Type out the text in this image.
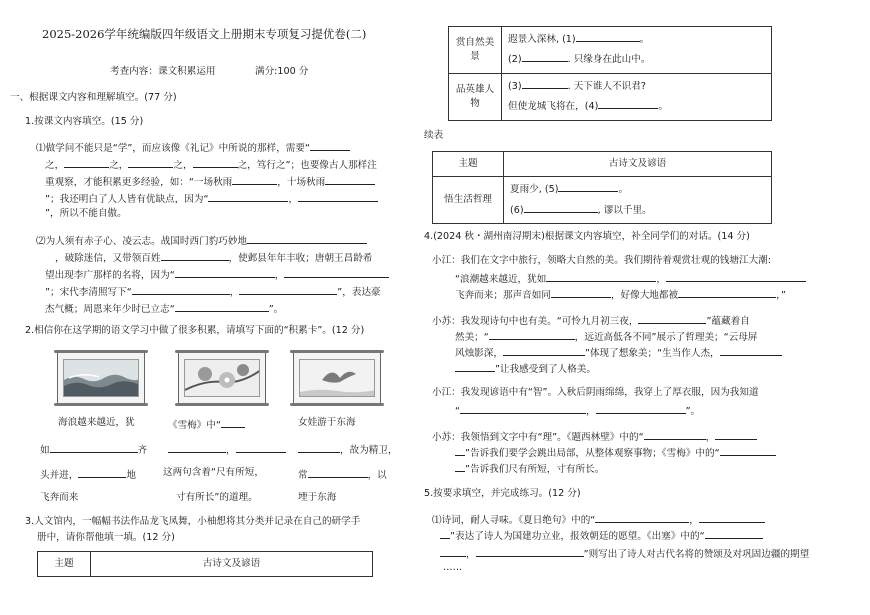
2025-2026学年统编版四年级语文上册期末专项复习提优卷(二)
考查内容：课文积累运用	满分:100 分
一、根据课文内容和理解填空。(77 分)
1.按课文内容填空。(15 分)
⑴做学问不能只是“学”，而应该像《礼记》中所说的那样，需要“
之，	之，	之，	之，笃行之”；也要像古人那样注
重观察，才能积累更多经验，如：“一场秋雨	，十场秋雨
”；我还明白了人人皆有优缺点，因为“	，
”，所以不能自傲。
⑵为人须有赤子心、凌云志。战国时西门豹巧妙地
，破除迷信，又带领百姓	，使邺县年年丰收；唐朝王昌龄希
望出现李广那样的名将，因为“	，
”；宋代李清照写下“	，	”，表达豪
杰气概；周恩来年少时已立志“	”。
2.相信你在这学期的语文学习中做了很多积累，请填写下面的“积累卡”。(12 分)
海浪越来越近，犹
如	齐
头并进，	地
飞奔而来
《雪梅》中“
，
这两句含着“尺有所短，
寸有所长”的道理。
女娃游于东海
，故为精卫，
常	，以
堙于东海
3.人文馆内，一幅幅书法作品龙飞凤舞，小柚想将其分类并记录在自己的研学手
册中，请你帮他填一填。(12 分)
主题	古诗文及谚语
赏自然美景	遐景入深林, (1) 。
(2) . 只缘身在此山中。

品英雄人物	(3) . 天下谁人不识君?
但使龙城飞将在，(4) 。
续表
主题	古诗文及谚语
悟生活哲理	夏雨少, (5) 。
(6) , 谬以千里。
4.(2024 秋・湖州南浔期末)根据课文内容填空，补全同学们的对话。(14 分)
小江：我们在文字中旅行，领略大自然的美。我们期待着观赏壮观的钱塘江大潮:
“浪潮越来越近，犹如	，
飞奔而来；那声音如同	，好像大地都被	，”
小苏：我发现诗句中也有美。“可怜九月初三夜，	”蕴藏着自
然美；“	，远近高低各不同”展示了哲理美；“云母屏
风烛影深，	”体现了想象美；“生当作人杰，
”让我感受到了人格美。
小江：我发现谚语中有“智”。入秋后阴雨绵绵，我穿上了厚衣服，因为我知道
“	，	”。
小苏：我领悟到文字中有“理”。《题西林壁》中的“	，
”告诉我们要学会跳出局部，从整体观察事物；《雪梅》中的“
”告诉我们尺有所短，寸有所长。
5.按要求填空，并完成练习。(12 分)
⑴诗词，耐人寻味。《夏日绝句》中的“	，
”表达了诗人为国建功立业，报效朝廷的愿望。《出塞》中的“
，	”则写出了诗人对古代名将的赞颂及对巩固边疆的期望
……
